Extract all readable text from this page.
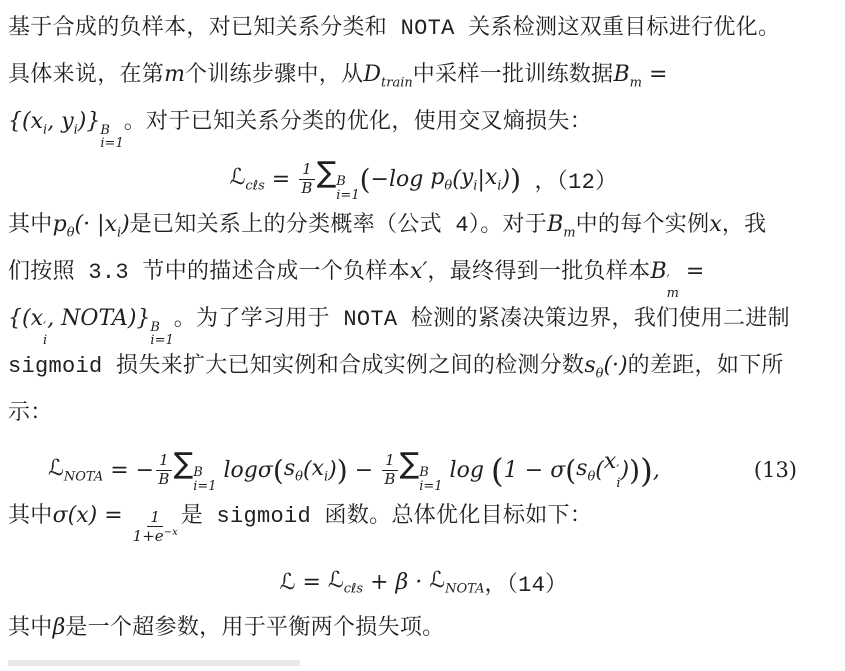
基于合成的负样本，对已知关系分类和 NOTA 关系检测这双重目标进行优化。
具体来说，在第 m 个训练步骤中，从 $D_{train}$ 中采样一批训练数据 $B_m$ =
{( $x_i$ , $y_i$ )} B
i=1
。对于已知关系分类的优化，使用交叉熵损失：
ℒ$_{c\ell s}$ = $\frac{1}{B}$ ∑ B
i=1 ( −log $p_\theta$ ( $y_i$ | $x_i$ ) ) ，（12）
其中 $p_\theta$ (· | $x_i$ ) 是已知关系上的分类概率（公式 4）。对于 $B_m$ 中的每个实例 x ，我
们按照 3.3 节中的描述合成一个负样本 x′ ，最终得到一批负样本 B ′
m
=
{( x ′
i
, NOTA)} B
i=1
。为了学习用于 NOTA 检测的紧凑决策边界，我们使用二进制
sigmoid 损失来扩大已知实例和合成实例之间的检测分数 $s_\theta$ (·) 的差距，如下所
示：
ℒ$_{NOTA}$ = − $\frac{1}{B}$ ∑ B
i=1
log σ ( $s_\theta$ ( $x_i$ ) ) − $\frac{1}{B}$ ∑ B
i=1
log ( 1 − σ ( $s_\theta$ ( x ′
i
) ) ) ,	(13)
其中 σ ( x ) = $\frac{1}{1+e^{-x}}$ 是 sigmoid 函数。总体优化目标如下：
ℒ = ℒ$_{c\ell s}$ + β · ℒ$_{NOTA}$ ，（14）
其中 β 是一个超参数，用于平衡两个损失项。
